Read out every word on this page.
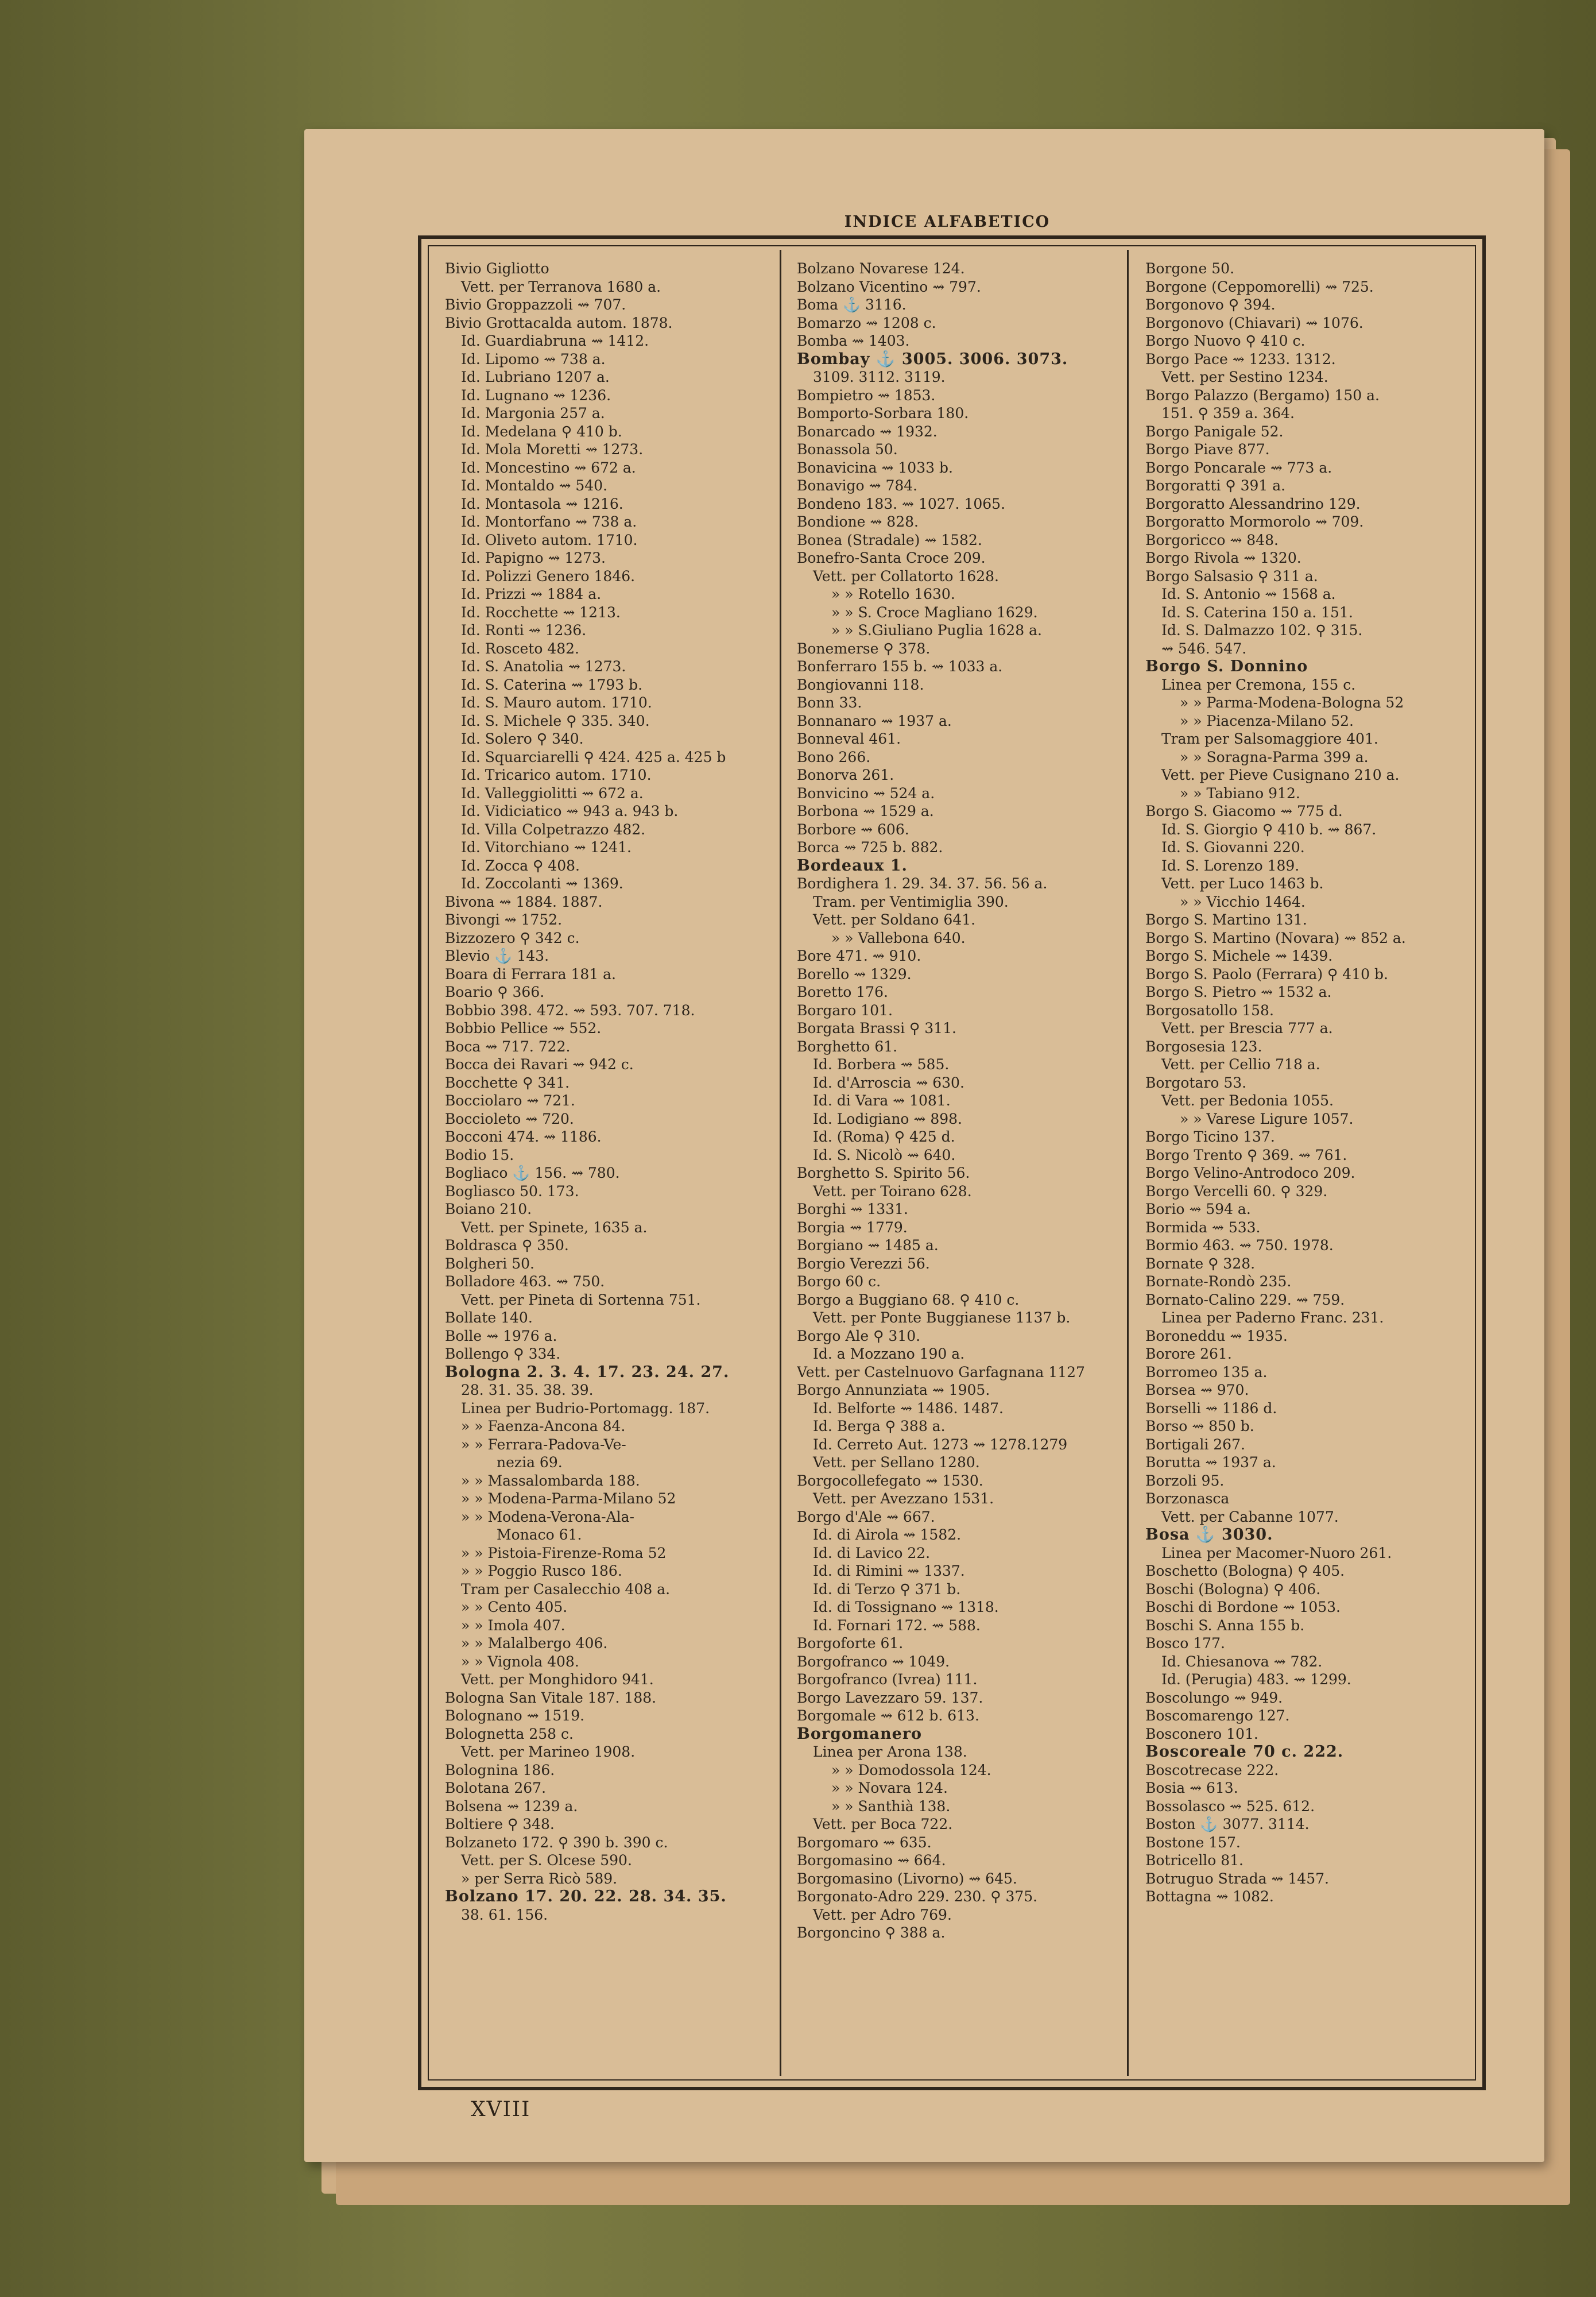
INDICE ALFABETICO
Bivio Gigliotto
Vett. per Terranova 1680 a.
Bivio Groppazzoli ⇝ 707.
Bivio Grottacalda autom. 1878.
Id. Guardiabruna ⇝ 1412.
Id. Lipomo ⇝ 738 a.
Id. Lubriano 1207 a.
Id. Lugnano ⇝ 1236.
Id. Margonia 257 a.
Id. Medelana ⚲ 410 b.
Id. Mola Moretti ⇝ 1273.
Id. Moncestino ⇝ 672 a.
Id. Montaldo ⇝ 540.
Id. Montasola ⇝ 1216.
Id. Montorfano ⇝ 738 a.
Id. Oliveto autom. 1710.
Id. Papigno ⇝ 1273.
Id. Polizzi Genero 1846.
Id. Prizzi ⇝ 1884 a.
Id. Rocchette ⇝ 1213.
Id. Ronti ⇝ 1236.
Id. Rosceto 482.
Id. S. Anatolia ⇝ 1273.
Id. S. Caterina ⇝ 1793 b.
Id. S. Mauro autom. 1710.
Id. S. Michele ⚲ 335. 340.
Id. Solero ⚲ 340.
Id. Squarciarelli ⚲ 424. 425 a. 425 b
Id. Tricarico autom. 1710.
Id. Valleggiolitti ⇝ 672 a.
Id. Vidiciatico ⇝ 943 a. 943 b.
Id. Villa Colpetrazzo 482.
Id. Vitorchiano ⇝ 1241.
Id. Zocca ⚲ 408.
Id. Zoccolanti ⇝ 1369.
Bivona ⇝ 1884. 1887.
Bivongi ⇝ 1752.
Bizzozero ⚲ 342 c.
Blevio ⚓ 143.
Boara di Ferrara 181 a.
Boario ⚲ 366.
Bobbio 398. 472. ⇝ 593. 707. 718.
Bobbio Pellice ⇝ 552.
Boca ⇝ 717. 722.
Bocca dei Ravari ⇝ 942 c.
Bocchette ⚲ 341.
Bocciolaro ⇝ 721.
Boccioleto ⇝ 720.
Bocconi 474. ⇝ 1186.
Bodio 15.
Bogliaco ⚓ 156. ⇝ 780.
Bogliasco 50. 173.
Boiano 210.
Vett. per Spinete, 1635 a.
Boldrasca ⚲ 350.
Bolgheri 50.
Bolladore 463. ⇝ 750.
Vett. per Pineta di Sortenna 751.
Bollate 140.
Bolle ⇝ 1976 a.
Bollengo ⚲ 334.
Bologna 2. 3. 4. 17. 23. 24. 27.
28. 31. 35. 38. 39.
Linea per Budrio-Portomagg. 187.
» » Faenza-Ancona 84.
» » Ferrara-Padova-Ve-
nezia 69.
» » Massalombarda 188.
» » Modena-Parma-Milano 52
» » Modena-Verona-Ala-
Monaco 61.
» » Pistoia-Firenze-Roma 52
» » Poggio Rusco 186.
Tram per Casalecchio 408 a.
» » Cento 405.
» » Imola 407.
» » Malalbergo 406.
» » Vignola 408.
Vett. per Monghidoro 941.
Bologna San Vitale 187. 188.
Bolognano ⇝ 1519.
Bolognetta 258 c.
Vett. per Marineo 1908.
Bolognina 186.
Bolotana 267.
Bolsena ⇝ 1239 a.
Boltiere ⚲ 348.
Bolzaneto 172. ⚲ 390 b. 390 c.
Vett. per S. Olcese 590.
» per Serra Ricò 589.
Bolzano 17. 20. 22. 28. 34. 35.
38. 61. 156.
Bolzano Novarese 124.
Bolzano Vicentino ⇝ 797.
Boma ⚓ 3116.
Bomarzo ⇝ 1208 c.
Bomba ⇝ 1403.
Bombay ⚓ 3005. 3006. 3073.
3109. 3112. 3119.
Bompietro ⇝ 1853.
Bomporto-Sorbara 180.
Bonarcado ⇝ 1932.
Bonassola 50.
Bonavicina ⇝ 1033 b.
Bonavigo ⇝ 784.
Bondeno 183. ⇝ 1027. 1065.
Bondione ⇝ 828.
Bonea (Stradale) ⇝ 1582.
Bonefro-Santa Croce 209.
Vett. per Collatorto 1628.
» » Rotello 1630.
» » S. Croce Magliano 1629.
» » S.Giuliano Puglia 1628 a.
Bonemerse ⚲ 378.
Bonferraro 155 b. ⇝ 1033 a.
Bongiovanni 118.
Bonn 33.
Bonnanaro ⇝ 1937 a.
Bonneval 461.
Bono 266.
Bonorva 261.
Bonvicino ⇝ 524 a.
Borbona ⇝ 1529 a.
Borbore ⇝ 606.
Borca ⇝ 725 b. 882.
Bordeaux 1.
Bordighera 1. 29. 34. 37. 56. 56 a.
Tram. per Ventimiglia 390.
Vett. per Soldano 641.
» » Vallebona 640.
Bore 471. ⇝ 910.
Borello ⇝ 1329.
Boretto 176.
Borgaro 101.
Borgata Brassi ⚲ 311.
Borghetto 61.
Id. Borbera ⇝ 585.
Id. d'Arroscia ⇝ 630.
Id. di Vara ⇝ 1081.
Id. Lodigiano ⇝ 898.
Id. (Roma) ⚲ 425 d.
Id. S. Nicolò ⇝ 640.
Borghetto S. Spirito 56.
Vett. per Toirano 628.
Borghi ⇝ 1331.
Borgia ⇝ 1779.
Borgiano ⇝ 1485 a.
Borgio Verezzi 56.
Borgo 60 c.
Borgo a Buggiano 68. ⚲ 410 c.
Vett. per Ponte Buggianese 1137 b.
Borgo Ale ⚲ 310.
Id. a Mozzano 190 a.
Vett. per Castelnuovo Garfagnana 1127
Borgo Annunziata ⇝ 1905.
Id. Belforte ⇝ 1486. 1487.
Id. Berga ⚲ 388 a.
Id. Cerreto Aut. 1273 ⇝ 1278.1279
Vett. per Sellano 1280.
Borgocollefegato ⇝ 1530.
Vett. per Avezzano 1531.
Borgo d'Ale ⇝ 667.
Id. di Airola ⇝ 1582.
Id. di Lavico 22.
Id. di Rimini ⇝ 1337.
Id. di Terzo ⚲ 371 b.
Id. di Tossignano ⇝ 1318.
Id. Fornari 172. ⇝ 588.
Borgoforte 61.
Borgofranco ⇝ 1049.
Borgofranco (Ivrea) 111.
Borgo Lavezzaro 59. 137.
Borgomale ⇝ 612 b. 613.
Borgomanero
Linea per Arona 138.
» » Domodossola 124.
» » Novara 124.
» » Santhià 138.
Vett. per Boca 722.
Borgomaro ⇝ 635.
Borgomasino ⇝ 664.
Borgomasino (Livorno) ⇝ 645.
Borgonato-Adro 229. 230. ⚲ 375.
Vett. per Adro 769.
Borgoncino ⚲ 388 a.
Borgone 50.
Borgone (Ceppomorelli) ⇝ 725.
Borgonovo ⚲ 394.
Borgonovo (Chiavari) ⇝ 1076.
Borgo Nuovo ⚲ 410 c.
Borgo Pace ⇝ 1233. 1312.
Vett. per Sestino 1234.
Borgo Palazzo (Bergamo) 150 a.
151. ⚲ 359 a. 364.
Borgo Panigale 52.
Borgo Piave 877.
Borgo Poncarale ⇝ 773 a.
Borgoratti ⚲ 391 a.
Borgoratto Alessandrino 129.
Borgoratto Mormorolo ⇝ 709.
Borgoricco ⇝ 848.
Borgo Rivola ⇝ 1320.
Borgo Salsasio ⚲ 311 a.
Id. S. Antonio ⇝ 1568 a.
Id. S. Caterina 150 a. 151.
Id. S. Dalmazzo 102. ⚲ 315.
⇝ 546. 547.
Borgo S. Donnino
Linea per Cremona, 155 c.
» » Parma-Modena-Bologna 52
» » Piacenza-Milano 52.
Tram per Salsomaggiore 401.
» » Soragna-Parma 399 a.
Vett. per Pieve Cusignano 210 a.
» » Tabiano 912.
Borgo S. Giacomo ⇝ 775 d.
Id. S. Giorgio ⚲ 410 b. ⇝ 867.
Id. S. Giovanni 220.
Id. S. Lorenzo 189.
Vett. per Luco 1463 b.
» » Vicchio 1464.
Borgo S. Martino 131.
Borgo S. Martino (Novara) ⇝ 852 a.
Borgo S. Michele ⇝ 1439.
Borgo S. Paolo (Ferrara) ⚲ 410 b.
Borgo S. Pietro ⇝ 1532 a.
Borgosatollo 158.
Vett. per Brescia 777 a.
Borgosesia 123.
Vett. per Cellio 718 a.
Borgotaro 53.
Vett. per Bedonia 1055.
» » Varese Ligure 1057.
Borgo Ticino 137.
Borgo Trento ⚲ 369. ⇝ 761.
Borgo Velino-Antrodoco 209.
Borgo Vercelli 60. ⚲ 329.
Borio ⇝ 594 a.
Bormida ⇝ 533.
Bormio 463. ⇝ 750. 1978.
Bornate ⚲ 328.
Bornate-Rondò 235.
Bornato-Calino 229. ⇝ 759.
Linea per Paderno Franc. 231.
Boroneddu ⇝ 1935.
Borore 261.
Borromeo 135 a.
Borsea ⇝ 970.
Borselli ⇝ 1186 d.
Borso ⇝ 850 b.
Bortigali 267.
Borutta ⇝ 1937 a.
Borzoli 95.
Borzonasca
Vett. per Cabanne 1077.
Bosa ⚓ 3030.
Linea per Macomer-Nuoro 261.
Boschetto (Bologna) ⚲ 405.
Boschi (Bologna) ⚲ 406.
Boschi di Bordone ⇝ 1053.
Boschi S. Anna 155 b.
Bosco 177.
Id. Chiesanova ⇝ 782.
Id. (Perugia) 483. ⇝ 1299.
Boscolungo ⇝ 949.
Boscomarengo 127.
Bosconero 101.
Boscoreale 70 c. 222.
Boscotrecase 222.
Bosia ⇝ 613.
Bossolasco ⇝ 525. 612.
Boston ⚓ 3077. 3114.
Bostone 157.
Botricello 81.
Botruguo Strada ⇝ 1457.
Bottagna ⇝ 1082.
XVIII
